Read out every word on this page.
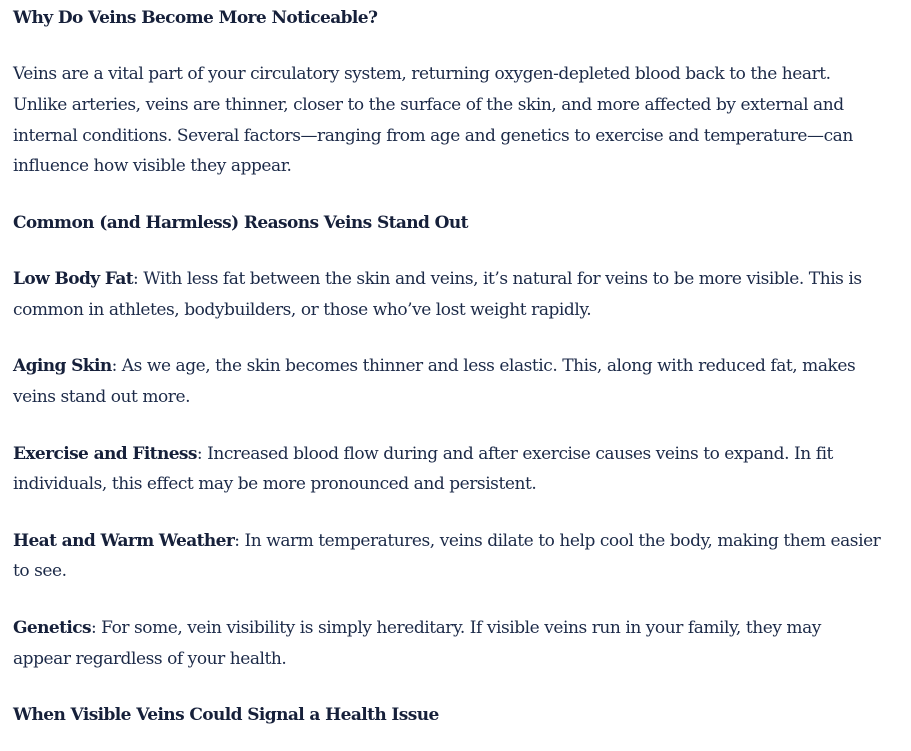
Why Do Veins Become More Noticeable?
Veins are a vital part of your circulatory system, returning oxygen-depleted blood back to the heart.
Unlike arteries, veins are thinner, closer to the surface of the skin, and more affected by external and
internal conditions. Several factors—ranging from age and genetics to exercise and temperature—can
influence how visible they appear.
Common (and Harmless) Reasons Veins Stand Out
Low Body Fat: With less fat between the skin and veins, it’s natural for veins to be more visible. This is
common in athletes, bodybuilders, or those who’ve lost weight rapidly.
Aging Skin: As we age, the skin becomes thinner and less elastic. This, along with reduced fat, makes
veins stand out more.
Exercise and Fitness: Increased blood flow during and after exercise causes veins to expand. In fit
individuals, this effect may be more pronounced and persistent.
Heat and Warm Weather: In warm temperatures, veins dilate to help cool the body, making them easier
to see.
Genetics: For some, vein visibility is simply hereditary. If visible veins run in your family, they may
appear regardless of your health.
When Visible Veins Could Signal a Health Issue
